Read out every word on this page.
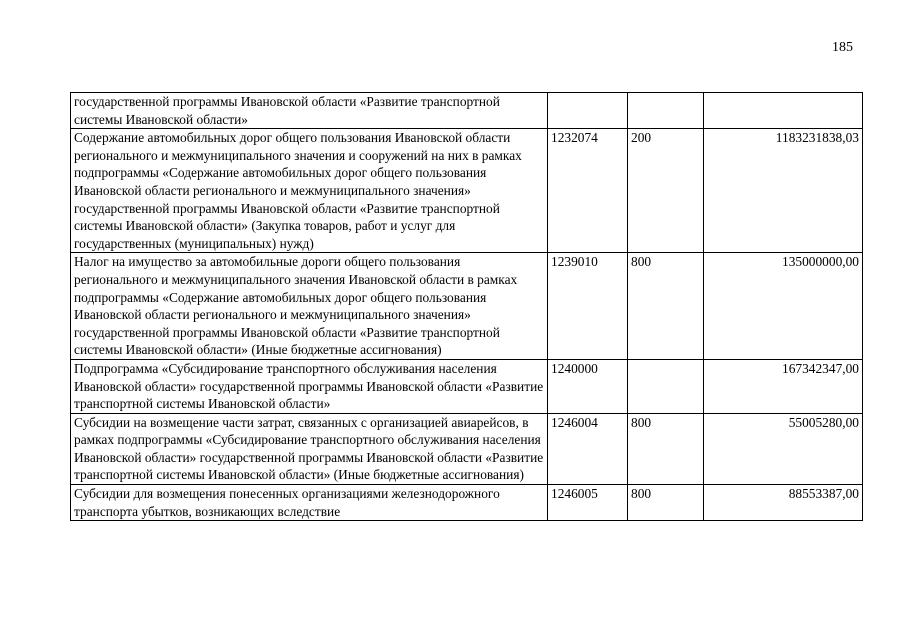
185
государственной программы Ивановской области «Развитие транспортной системы Ивановской области»			
Содержание автомобильных дорог общего пользования Ивановской области регионального и межмуниципального значения и сооружений на них в рамках подпрограммы «Содержание автомобильных дорог общего пользования Ивановской области регионального и межмуниципального значения» государственной программы Ивановской области «Развитие транспортной системы Ивановской области» (Закупка товаров, работ и услуг для государственных (муниципальных) нужд)	1232074	200	1183231838,03
Налог на имущество за автомобильные дороги общего пользования регионального и межмуниципального значения Ивановской области в рамках подпрограммы «Содержание автомобильных дорог общего пользования Ивановской области регионального и межмуниципального значения» государственной программы Ивановской области «Развитие транспортной системы Ивановской области» (Иные бюджетные ассигнования)	1239010	800	135000000,00
Подпрограмма «Субсидирование транспортного обслуживания населения Ивановской области» государственной программы Ивановской области «Развитие транспортной системы Ивановской области»	1240000		167342347,00
Субсидии на возмещение части затрат, связанных с организацией авиарейсов, в рамках подпрограммы «Субсидирование транспортного обслуживания населения Ивановской области» государственной программы Ивановской области «Развитие транспортной системы Ивановской области» (Иные бюджетные ассигнования)	1246004	800	55005280,00
Субсидии для возмещения понесенных организациями железнодорожного транспорта убытков, возникающих вследствие	1246005	800	88553387,00
